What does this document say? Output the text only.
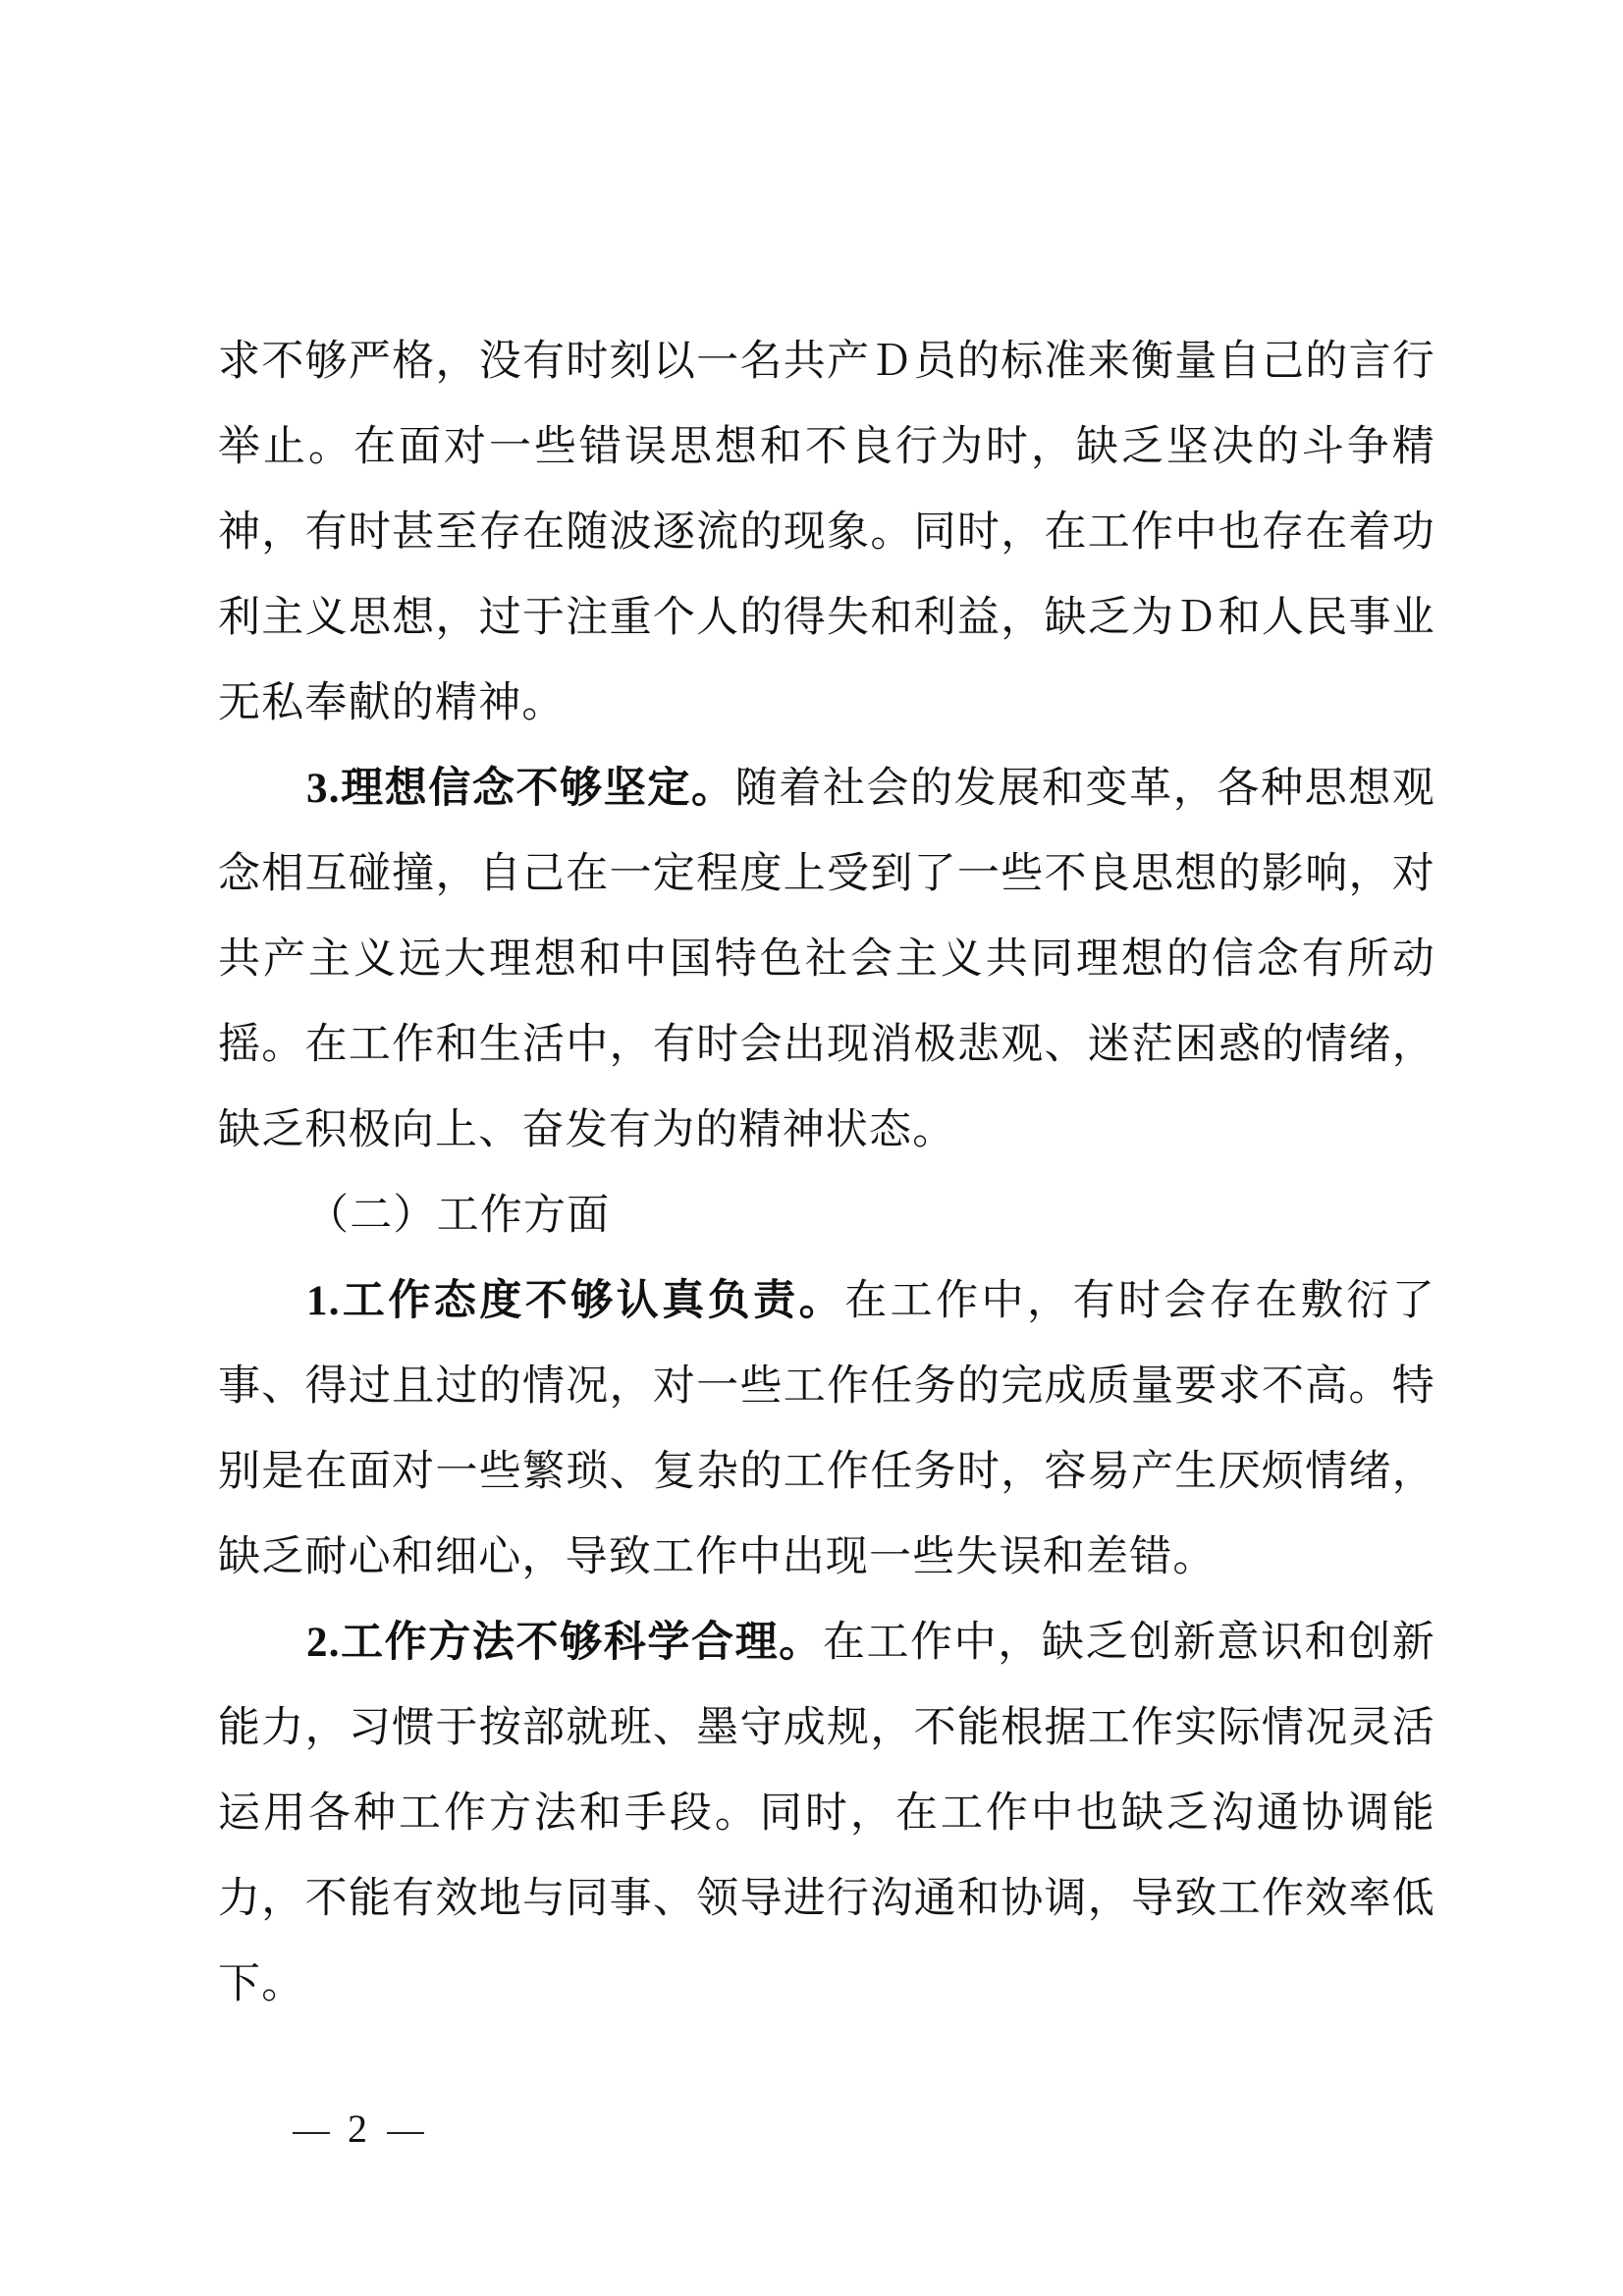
求不够严格，没有时刻以一名共产Ｄ员的标准来衡量自己的言行举止。在面对一些错误思想和不良行为时，缺乏坚决的斗争精神，有时甚至存在随波逐流的现象。同时，在工作中也存在着功利主义思想，过于注重个人的得失和利益，缺乏为Ｄ和人民事业无私奉献的精神。

3.理想信念不够坚定。随着社会的发展和变革，各种思想观念相互碰撞，自己在一定程度上受到了一些不良思想的影响，对共产主义远大理想和中国特色社会主义共同理想的信念有所动摇。在工作和生活中，有时会出现消极悲观、迷茫困惑的情绪，缺乏积极向上、奋发有为的精神状态。

（二）工作方面

1.工作态度不够认真负责。在工作中，有时会存在敷衍了事、得过且过的情况，对一些工作任务的完成质量要求不高。特别是在面对一些繁琐、复杂的工作任务时，容易产生厌烦情绪，缺乏耐心和细心，导致工作中出现一些失误和差错。

2.工作方法不够科学合理。在工作中，缺乏创新意识和创新能力，习惯于按部就班、墨守成规，不能根据工作实际情况灵活运用各种工作方法和手段。同时，在工作中也缺乏沟通协调能力，不能有效地与同事、领导进行沟通和协调，导致工作效率低下。

2
